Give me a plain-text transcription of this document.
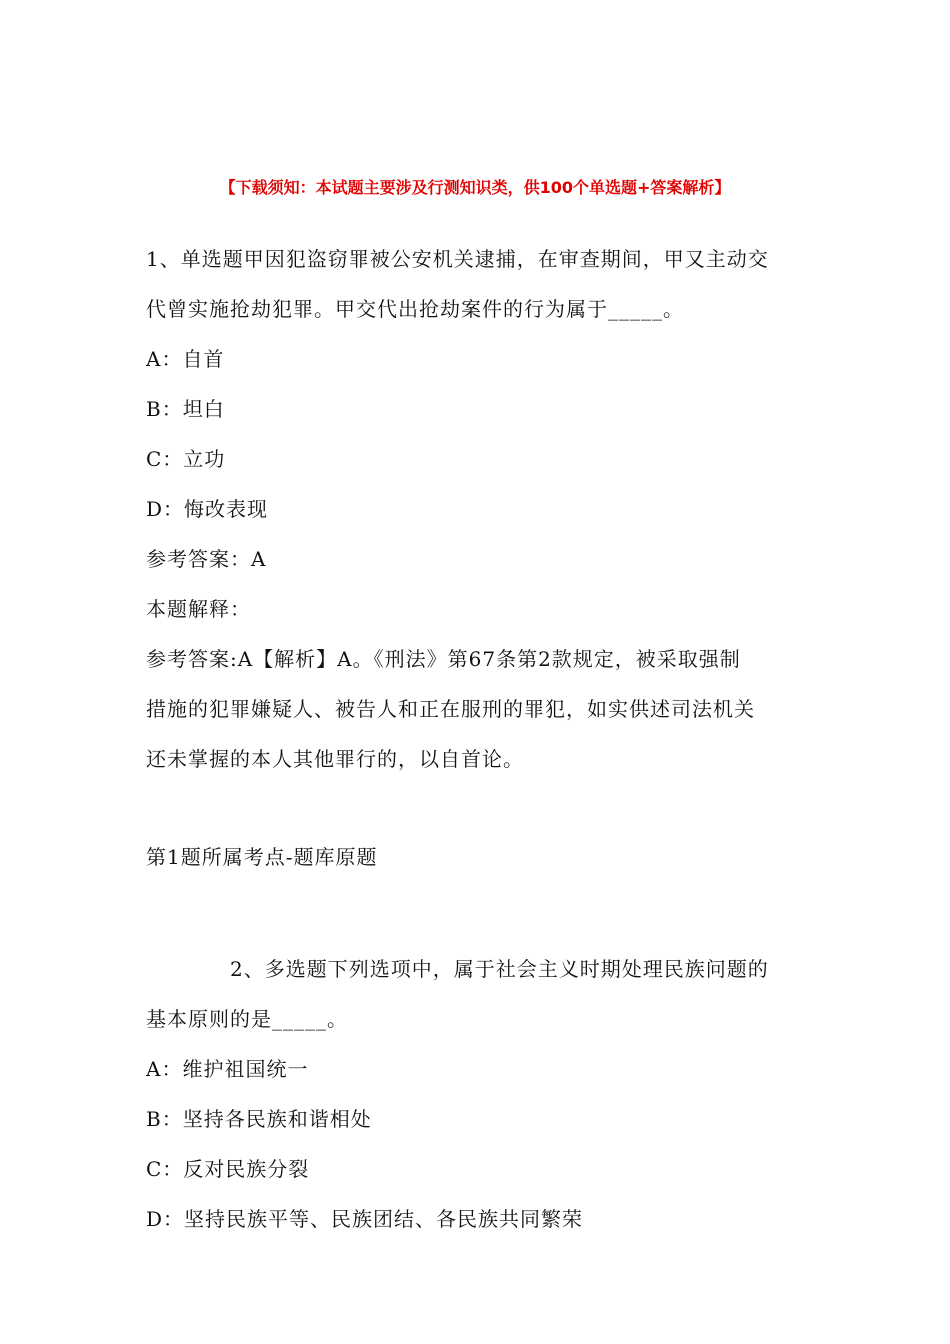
【下载须知：本试题主要涉及行测知识类，供100个单选题+答案解析】
1、单选题甲因犯盗窃罪被公安机关逮捕，在审查期间，甲又主动交
代曾实施抢劫犯罪。甲交代出抢劫案件的行为属于_____。
A：自首
B：坦白
C：立功
D：悔改表现
参考答案：A
本题解释：
参考答案:A【解析】A。《刑法》第67条第2款规定，被采取强制
措施的犯罪嫌疑人、被告人和正在服刑的罪犯，如实供述司法机关
还未掌握的本人其他罪行的，以自首论。
第1题所属考点-题库原题
2、多选题下列选项中，属于社会主义时期处理民族问题的
基本原则的是_____。
A：维护祖国统一
B：坚持各民族和谐相处
C：反对民族分裂
D：坚持民族平等、民族团结、各民族共同繁荣
